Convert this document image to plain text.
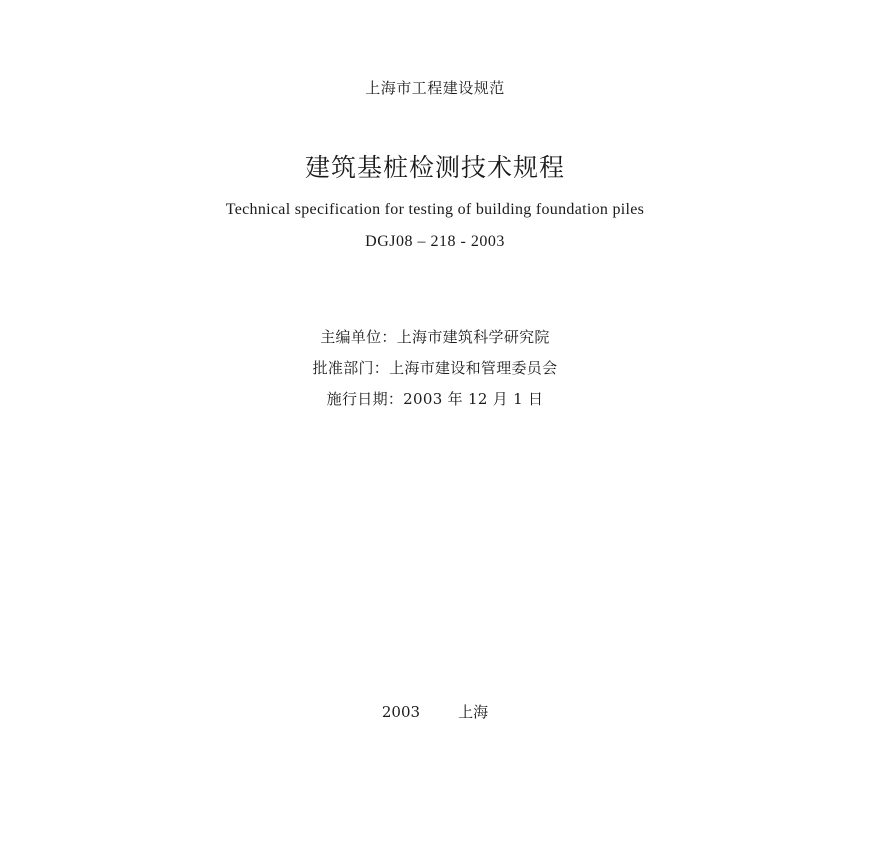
上海市工程建设规范
建筑基桩检测技术规程
Technical specification for testing of building foundation piles
DGJ08 – 218 - 2003
主编单位：上海市建筑科学研究院
批准部门：上海市建设和管理委员会
施行日期：2003 年 12 月 1 日
2003	上海
